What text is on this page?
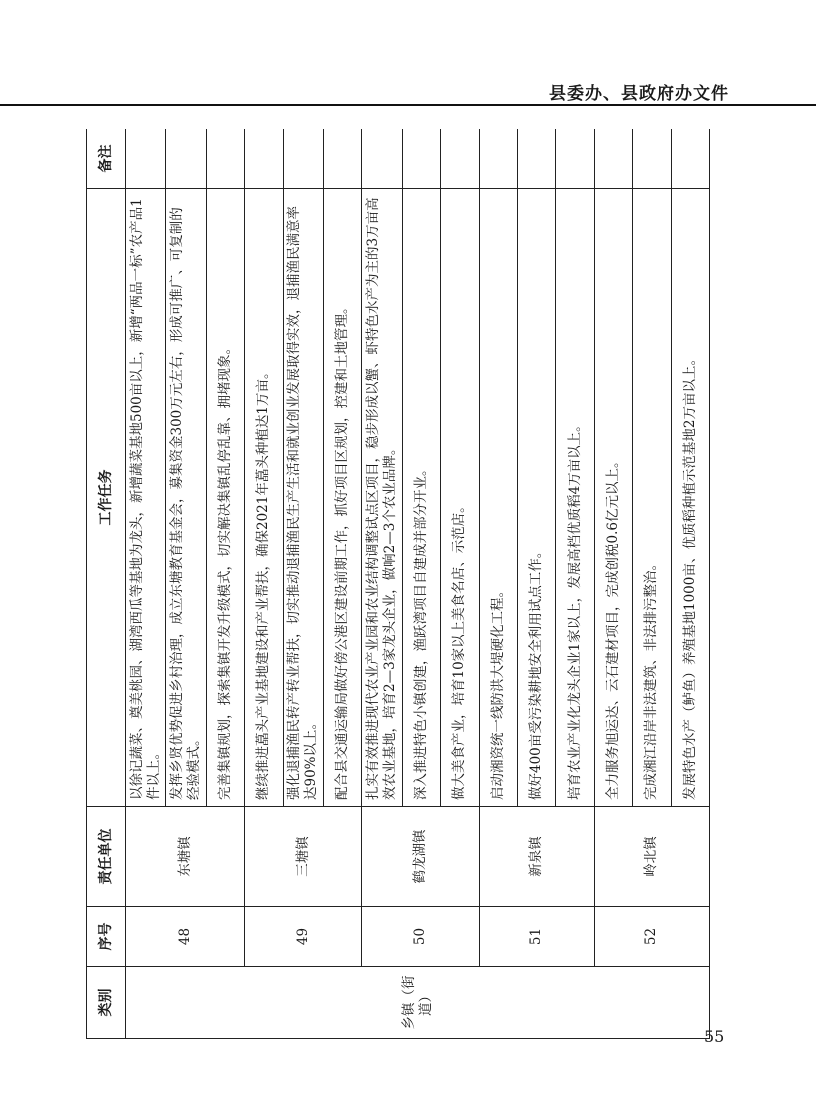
县委办、县政府办文件
类别	序号	责任单位	工作任务	备注
乡镇（街道）	48	东塘镇	以徐记蔬菜、奠美桃园、湖湾西瓜等基地为龙头，新增蔬菜基地500亩以上，新增“两品一标”农产品1件以上。	
			发挥乡贤优势促进乡村治理，成立东塘教育基金会，募集资金300万元左右，形成可推广、可复制的经验模式。	
			完善集镇规划，探索集镇开发升级模式，切实解决集镇乱停乱靠、拥堵现象。	
	49	三塘镇	继续推进藠头产业基地建设和产业帮扶，确保2021年藠头种植达1万亩。	
			强化退捕渔民转产转业帮扶，切实推动退捕渔民生产生活和就业创业发展取得实效，退捕渔民满意率达90%以上。	
			配合县交通运输局做好傍公港区建设前期工作，抓好项目区规划，控建和土地管理。	
	50	鹤龙湖镇	扎实有效推进现代农业产业园和农业结构调整试点区项目，稳步形成以蟹、虾特色水产为主的3万亩高效农业基地，培育2—3家龙头企业，做响2—3个农业品牌。	
			深入推进特色小镇创建，渔跃湾项目自建成并部分开业。	
			做大美食产业，培育10家以上美食名店、示范店。	
	51	新泉镇	启动湘资统一线防洪大堤硬化工程。	
			做好400亩受污染耕地安全利用试点工作。	
			培育农业产业化龙头企业1家以上，发展高档优质稻4万亩以上。	
	52	岭北镇	全力服务旭运达、云石建材项目，完成创税0.6亿元以上。	
			完成湘江沿岸非法建筑、非法排污整治。	
			发展特色水产（鲈鱼）养殖基地1000亩、优质稻种植示范基地2万亩以上。	
55
